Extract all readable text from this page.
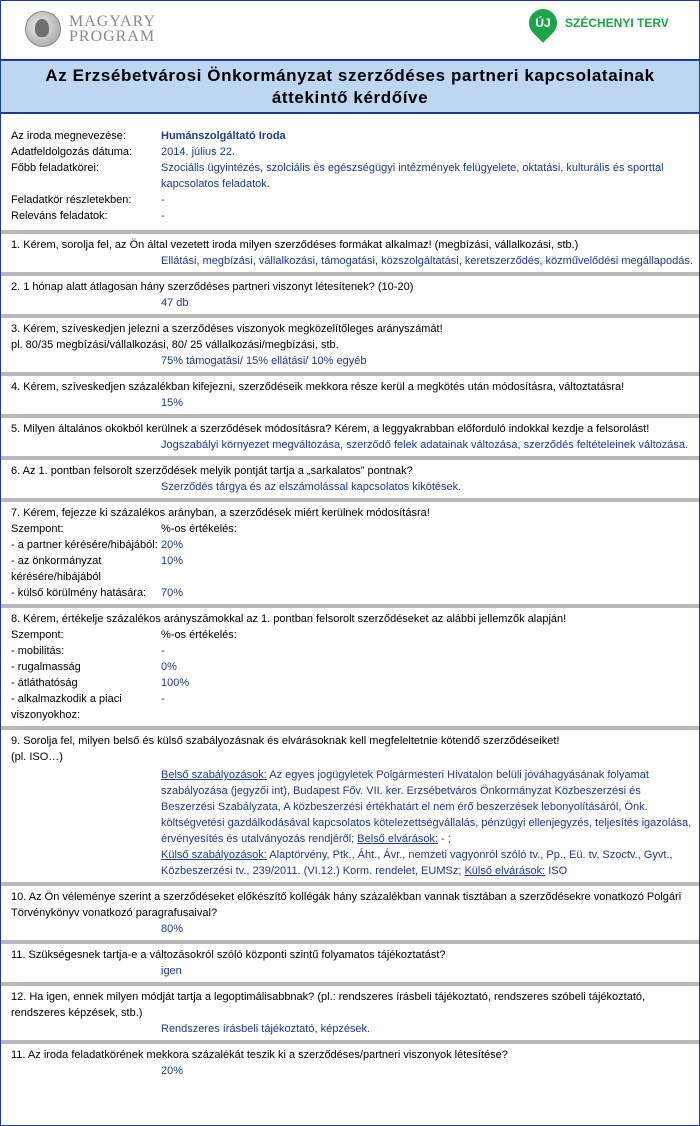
MAGYARY
PROGRAM
ÚJ	SZÉCHENYI TERV
Az Erzsébetvárosi Önkormányzat szerződéses partneri kapcsolatainak áttekintő kérdőíve
Az iroda megnevezése:	Humánszolgáltató Iroda
Adatfeldolgozás dátuma:	2014. július 22.
Főbb feladatkörei:	Szociális ügyintézés, szolciális és egészségügyi intézmények felügyelete, oktatási, kulturális és sporttal kapcsolatos feladatok.
Feladatkör részletekben:	-
Releváns feladatok:	-
1. Kérem, sorolja fel, az Ön által vezetett iroda milyen szerződéses formákat alkalmaz! (megbízási, vállalkozási, stb.)
Ellátási, megbízási, vállalkozási, támogatási, közszolgáltatási, keretszerződés, közművelődési megállapodás.
2. 1 hónap alatt átlagosan hány szerződéses partneri viszonyt létesítenek? (10-20)
47 db
3. Kérem, szíveskedjen jelezni a szerződéses viszonyok megközelítőleges arányszámát!
pl. 80/35 megbízási/vállalkozási, 80/ 25 vállalkozási/megbízási, stb.
75% támogatási/ 15% ellátási/ 10% egyéb
4. Kérem, szíveskedjen százalékban kifejezni, szerződéseik mekkora része kerül a megkötés után módosításra, változtatásra!
15%
5. Milyen általános okokból kerülnek a szerződések módosításra? Kérem, a leggyakrabban előforduló indokkal kezdje a felsorolást!
Jogszabályi környezet megváltozása, szerződő felek adatainak változása, szerződés feltételeinek változása.
6. Az 1. pontban felsorolt szerződések melyik pontját tartja a „sarkalatos” pontnak?
Szerződés tárgya és az elszámolással kapcsolatos kikötések.
7. Kérem, fejezze ki százalékos arányban, a szerződések miért kerülnek módosításra!
Szempont:	%-os értékelés:
- a partner kérésére/hibájából: 20%
- az önkormányzat kérésére/hibájából
10%
- külső körülmény hatására:	70%
8. Kérem, értékelje százalékos arányszámokkal az 1. pontban felsorolt szerződéseket az alábbi jellemzők alapján!
Szempont:	%-os értékelés:
- mobilitás:	-
- rugalmasság	0%
- átláthatóság	100%
- alkalmazkodik a piaci viszonyokhoz:
-
9. Sorolja fel, milyen belső és külső szabályozásnak és elvárásoknak kell megfeleltetnie kötendő szerződéseiket!
(pl. ISO…)
Belső szabályozások: Az egyes jogügyletek Polgármesteri Hivatalon belüli jóváhagyásának folyamat szabályozása (jegyzői int), Budapest Főv. VII. ker. Erzsébetváros Önkormányzat Közbeszerzési és Beszerzési Szabályzata, A közbeszerzési értékhatárt el nem érő beszerzések lebonyolításáról, Önk. költségvetési gazdálkodásával kapcsolatos kötelezettségvállalás, pénzügyi ellenjegyzés, teljesítés igazolása, érvényesítés és utalványozás rendjéről; Belső elvárások: - ;
Külső szabályozások: Alaptörvény, Ptk., Áht., Ávr., nemzeti vagyonról szóló tv., Pp., Eü. tv, Szoctv., Gyvt., Közbeszerzési tv., 239/2011. (VI.12.) Korm. rendelet, EUMSz; Külső elvárások: ISO
10. Az Ön véleménye szerint a szerződéseket előkészítő kollégák hány százalékban vannak tisztában a szerződésekre vonatkozó Polgári Törvénykönyv vonatkozó paragrafusaival?
80%
11. Szükségesnek tartja-e a változásokról szóló központi szintű folyamatos tájékoztatást?
igen
12. Ha igen, ennek milyen módját tartja a legoptimálisabbnak? (pl.: rendszeres írásbeli tájékoztató, rendszeres szóbeli tájékoztató, rendszeres képzések, stb.)
Rendszeres írásbeli tájékoztató, képzések.
11. Az iroda feladatkörének mekkora százalékát teszik ki a szerződéses/partneri viszonyok létesítése?
20%
